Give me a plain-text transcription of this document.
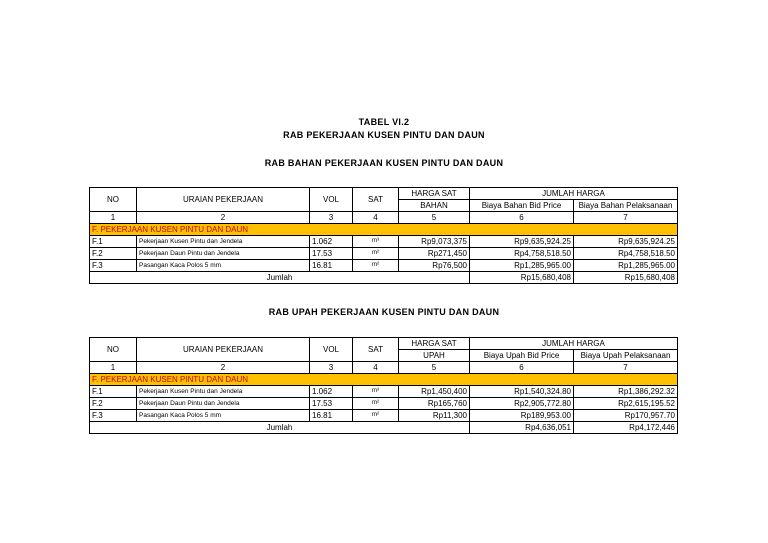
TABEL VI.2
RAB PEKERJAAN KUSEN PINTU DAN DAUN
RAB BAHAN PEKERJAAN KUSEN PINTU DAN DAUN
NO	URAIAN PEKERJAAN	VOL	SAT	HARGA SAT	JUMLAH HARGA	
				BAHAN	Biaya Bahan Bid Price	Biaya Bahan Pelaksanaan
1	2	3	4	5	6	7
F. PEKERJAAN KUSEN PINTU DAN DAUN						
F.1	Pekerjaan Kusen Pintu dan Jendela	1.062	m³	Rp9,073,375	Rp9,635,924.25	Rp9,635,924.25
F.2	Pekerjaan Daun Pintu dan Jendela	17.53	m²	Rp271,450	Rp4,758,518.50	Rp4,758,518.50
F.3	Pasangan Kaca Polos 5 mm	16.81	m²	Rp76,500	Rp1,285,965.00	Rp1,285,965.00
Jumlah					Rp15,680,408	Rp15,680,408
RAB UPAH PEKERJAAN KUSEN PINTU DAN DAUN
NO	URAIAN PEKERJAAN	VOL	SAT	HARGA SAT	JUMLAH HARGA	
				UPAH	Biaya Upah Bid Price	Biaya Upah Pelaksanaan
1	2	3	4	5	6	7
F. PEKERJAAN KUSEN PINTU DAN DAUN						
F.1	Pekerjaan Kusen Pintu dan Jendela	1.062	m³	Rp1,450,400	Rp1,540,324.80	Rp1,386,292.32
F.2	Pekerjaan Daun Pintu dan Jendela	17.53	m²	Rp165,760	Rp2,905,772.80	Rp2,615,195.52
F.3	Pasangan Kaca Polos 5 mm	16.81	m²	Rp11,300	Rp189,953.00	Rp170,957.70
Jumlah					Rp4,636,051	Rp4,172,446
